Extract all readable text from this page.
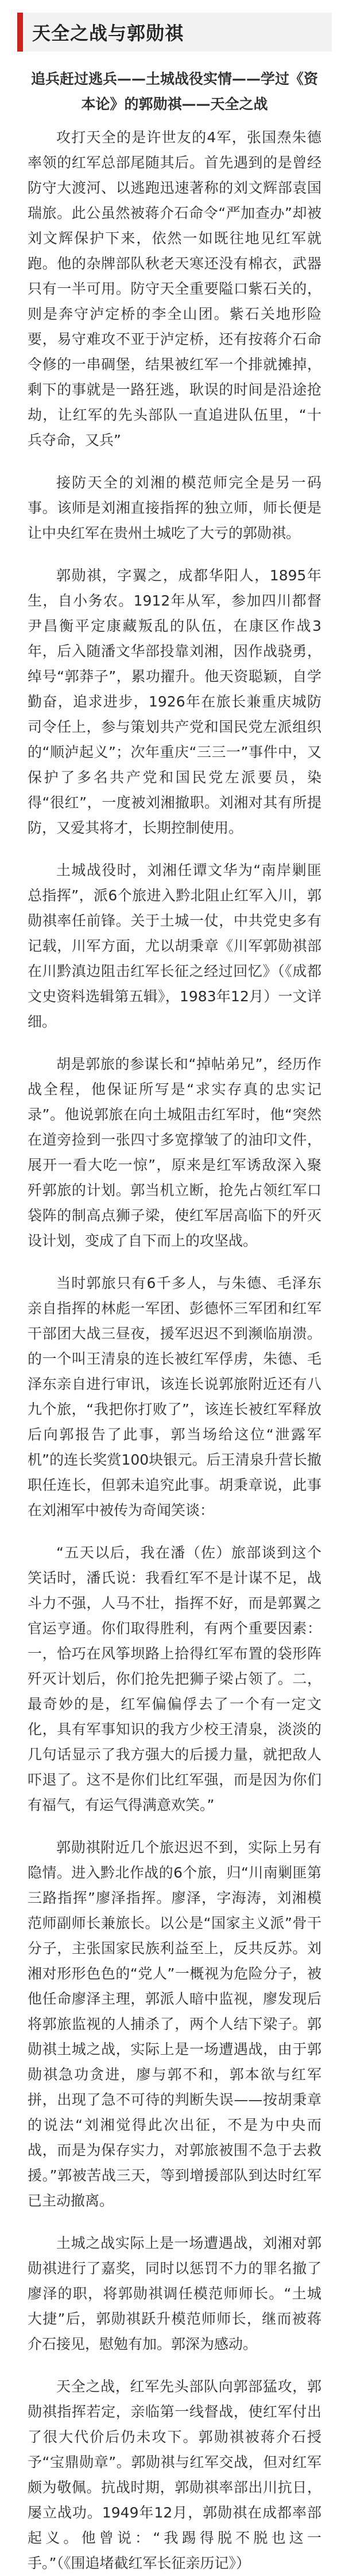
天全之战与郭勋祺

追兵赶过逃兵——土城战役实情——学过《资本论》的郭勋祺——天全之战

攻打天全的是许世友的4军，张国焘朱德率领的红军总部尾随其后。首先遇到的是曾经防守大渡河、以逃跑迅速著称的刘文辉部袁国瑞旅。此公虽然被蒋介石命令“严加查办”却被刘文辉保护下来，依然一如既往地见红军就跑。他的杂牌部队秋老天寒还没有棉衣，武器只有一半可用。防守天全重要隘口紫石关的，则是奔守泸定桥的李全山团。紫石关地形险要，易守难攻不亚于泸定桥，还有按蒋介石命令修的一串碉堡，结果被红军一个排就摊掉，剩下的事就是一路狂逃，耿误的时间是沿途抢劫，让红军的先头部队一直追进队伍里，“十兵夺命，又兵”

接防天全的刘湘的模范师完全是另一码事。该师是刘湘直接指挥的独立师，师长便是让中央红军在贵州土城吃了大亏的郭勋祺。

郭勋祺，字翼之，成都华阳人，1895年生，自小务农。1912年从军，参加四川都督尹昌衡平定康藏叛乱的队伍，在康区作战3年，后入随潘文华部投靠刘湘，因作战骁勇，绰号“郭莽子”，累功擢升。他天资聪颖，自学勤奋，追求进步，1926年在旅长兼重庆城防司令任上，参与策划共产党和国民党左派组织的“顺泸起义”；次年重庆“三三一”事件中，又保护了多名共产党和国民党左派要员，染得“很红”，一度被刘湘撤职。刘湘对其有所提防，又爱其将才，长期控制使用。

土城战役时，刘湘任谭文华为“南岸剿匪总指挥”，派6个旅进入黔北阻止红军入川，郭勋祺率任前锋。关于土城一仗，中共党史多有记载，川军方面，尤以胡秉章《川军郭勋祺部在川黔滇边阻击红军长征之经过回忆》（《成都文史资料选辑第五辑》，1983年12月）一文详细。

胡是郭旅的参谋长和“掉帖弟兄”，经历作战全程，他保证所写是“求实存真的忠实记录”。他说郭旅在向土城阻击红军时，他“突然在道旁捡到一张四寸多宽撑皱了的油印文件，展开一看大吃一惊”，原来是红军诱敌深入聚歼郭旅的计划。郭当机立断，抢先占领红军口袋阵的制高点狮子梁，使红军居高临下的歼灭设计划，变成了自下而上的攻坚战。

当时郭旅只有6千多人，与朱德、毛泽东亲自指挥的林彪一军团、彭德怀三军团和红军干部团大战三昼夜，援军迟迟不到濒临崩溃。的一个叫王清泉的连长被红军俘虏，朱德、毛泽东亲自进行审讯，该连长说郭旅附近还有八九个旅，“我把你打败了”，该连长被红军释放后向郭报告了此事，郭当场给这位“泄露军机”的连长奖赏100块银元。后王清泉升营长撤职任连长，但郭未追究此事。胡秉章说，此事在刘湘军中被传为奇闻笑谈：

“五天以后，我在潘（佐）旅部谈到这个笑话时，潘氏说：我看红军不是计谋不足，战斗力不强，人马不壮，指挥不好，而是郭翼之官运亨通。你们取得胜利，有两个重要因素：一，恰巧在风筝坝路上拾得红军布置的袋形阵歼灭计划后，你们抢先把狮子梁占领了。二，最奇妙的是，红军偏偏俘去了一个有一定文化，具有军事知识的我方少校王清泉，淡淡的几句话显示了我方强大的后援力量，就把敌人吓退了。这不是你们比红军强，而是因为你们有福气，有运气得满意欢笑。”

郭勋祺附近几个旅迟迟不到，实际上另有隐情。进入黔北作战的6个旅，归“川南剿匪第三路指挥”廖泽指挥。廖泽，字海涛，刘湘模范师副师长兼旅长。以公是“国家主义派”骨干分子，主张国家民族利益至上，反共反苏。刘湘对形形色色的“党人”一概视为危险分子，被他任命廖泽主理，郭派人暗中监视，廖发现后将郭旅监视的人捕杀了，两个人结下梁子。郭勋祺土城之战，实际上是一场遭遇战，由于郭勋祺急功贪进，廖与郭不和，郭本欲与红军拼，出现了急不可待的判断失误——按胡秉章的说法“刘湘觉得此次出征，不是为中央而战，而是为保存实力，对郭旅被围不急于去救援。”郭被苦战三天，等到增援部队到达时红军已主动撤离。

土城之战实际上是一场遭遇战，刘湘对郭勋祺进行了嘉奖，同时以惩罚不力的罪名撤了廖泽的职，将郭勋祺调任模范师师长。“土城大捷”后，郭勋祺跃升模范师师长，继而被蒋介石接见，慰勉有加。郭深为感动。

天全之战，红军先头部队向郭部猛攻，郭勋祺指挥若定，亲临第一线督战，使红军付出了很大代价后仍未攻下。郭勋祺被蒋介石授予“宝鼎勋章”。郭勋祺与红军交战，但对红军颇为敬佩。抗战时期，郭勋祺率部出川抗日，屡立战功。1949年12月，郭勋祺在成都率部起义。他曾说：“我踢得脱不脱也这一手。”（《围追堵截红军长征亲历记》）
